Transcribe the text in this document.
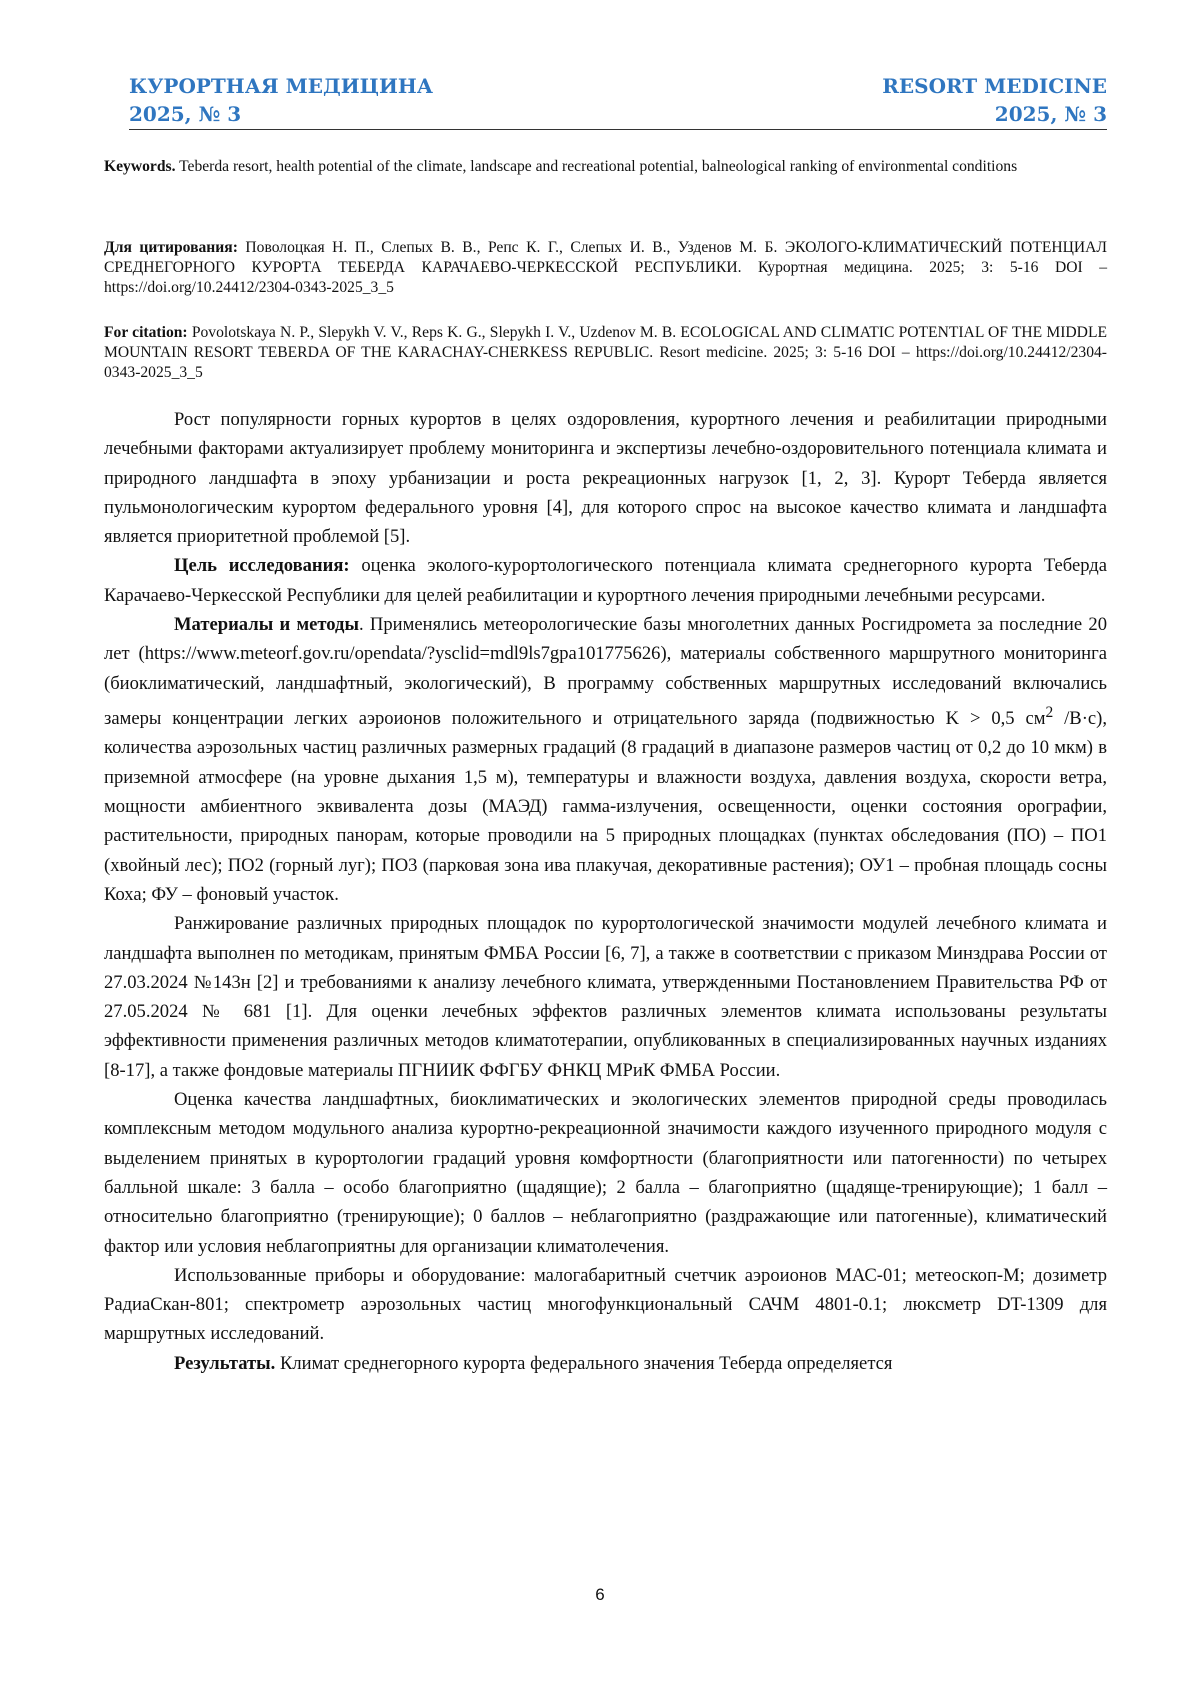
КУРОРТНАЯ МЕДИЦИНА
2025, № 3
RESORT MEDICINE
2025, № 3
Keywords. Teberda resort, health potential of the climate, landscape and recreational potential, balneological ranking of environmental conditions
Для цитирования: Поволоцкая Н. П., Слепых В. В., Репс К. Г., Слепых И. В., Узденов М. Б. ЭКОЛОГО-КЛИМАТИЧЕСКИЙ ПОТЕНЦИАЛ СРЕДНЕГОРНОГО КУРОРТА ТЕБЕРДА КАРАЧАЕВО-ЧЕРКЕССКОЙ РЕСПУБЛИКИ. Курортная медицина. 2025; 3: 5-16 DOI – https://doi.org/10.24412/2304-0343-2025_3_5
For citation: Povolotskaya N. P., Slepykh V. V., Reps K. G., Slepykh I. V., Uzdenov M. B. ECOLOGICAL AND CLIMATIC POTENTIAL OF THE MIDDLE MOUNTAIN RESORT TEBERDA OF THE KARACHAY-CHERKESS REPUBLIC. Resort medicine. 2025; 3: 5-16 DOI – https://doi.org/10.24412/2304-0343-2025_3_5

Рост популярности горных курортов в целях оздоровления, курортного лечения и реабилитации природными лечебными факторами актуализирует проблему мониторинга и экспертизы лечебно-оздоровительного потенциала климата и природного ландшафта в эпоху урбанизации и роста рекреационных нагрузок [1, 2, 3]. Курорт Теберда является пульмонологическим курортом федерального уровня [4], для которого спрос на высокое качество климата и ландшафта является приоритетной проблемой [5].

Цель исследования: оценка эколого-курортологического потенциала климата среднегорного курорта Теберда Карачаево-Черкесской Республики для целей реабилитации и курортного лечения природными лечебными ресурсами.

Материалы и методы. Применялись метеорологические базы многолетних данных Росгидромета за последние 20 лет (https://www.meteorf.gov.ru/opendata/?ysclid=mdl9ls7gpa101775626), материалы собственного маршрутного мониторинга (биоклиматический, ландшафтный, экологический), В программу собственных маршрутных исследований включались замеры концентрации легких аэроионов положительного и отрицательного заряда (подвижностью K > 0,5 см2 /В·с), количества аэрозольных частиц различных размерных градаций (8 градаций в диапазоне размеров частиц от 0,2 до 10 мкм) в приземной атмосфере (на уровне дыхания 1,5 м), температуры и влажности воздуха, давления воздуха, скорости ветра, мощности амбиентного эквивалента дозы (МАЭД) гамма-излучения, освещенности, оценки состояния орографии, растительности, природных панорам, которые проводили на 5 природных площадках (пунктах обследования (ПО) – ПО1 (хвойный лес); ПО2 (горный луг); ПО3 (парковая зона ива плакучая, декоративные растения); ОУ1 – пробная площадь сосны Коха; ФУ – фоновый участок.

Ранжирование различных природных площадок по курортологической значимости модулей лечебного климата и ландшафта выполнен по методикам, принятым ФМБА России [6, 7], а также в соответствии с приказом Минздрава России от 27.03.2024 №143н [2] и требованиями к анализу лечебного климата, утвержденными Постановлением Правительства РФ от 27.05.2024 № 681 [1]. Для оценки лечебных эффектов различных элементов климата использованы результаты эффективности применения различных методов климатотерапии, опубликованных в специализированных научных изданиях [8-17], а также фондовые материалы ПГНИИК ФФГБУ ФНКЦ МРиК ФМБА России.

Оценка качества ландшафтных, биоклиматических и экологических элементов природной среды проводилась комплексным методом модульного анализа курортно-рекреационной значимости каждого изученного природного модуля с выделением принятых в курортологии градаций уровня комфортности (благоприятности или патогенности) по четырех балльной шкале: 3 балла – особо благоприятно (щадящие); 2 балла – благоприятно (щадяще-тренирующие); 1 балл – относительно благоприятно (тренирующие); 0 баллов – неблагоприятно (раздражающие или патогенные), климатический фактор или условия неблагоприятны для организации климатолечения.

Использованные приборы и оборудование: малогабаритный счетчик аэроионов МАС-01; метеоскоп-М; дозиметр РадиаСкан-801; спектрометр аэрозольных частиц многофункциональный САЧМ 4801-0.1; люксметр DT-1309 для маршрутных исследований.

Результаты. Климат среднегорного курорта федерального значения Теберда определяется

6
